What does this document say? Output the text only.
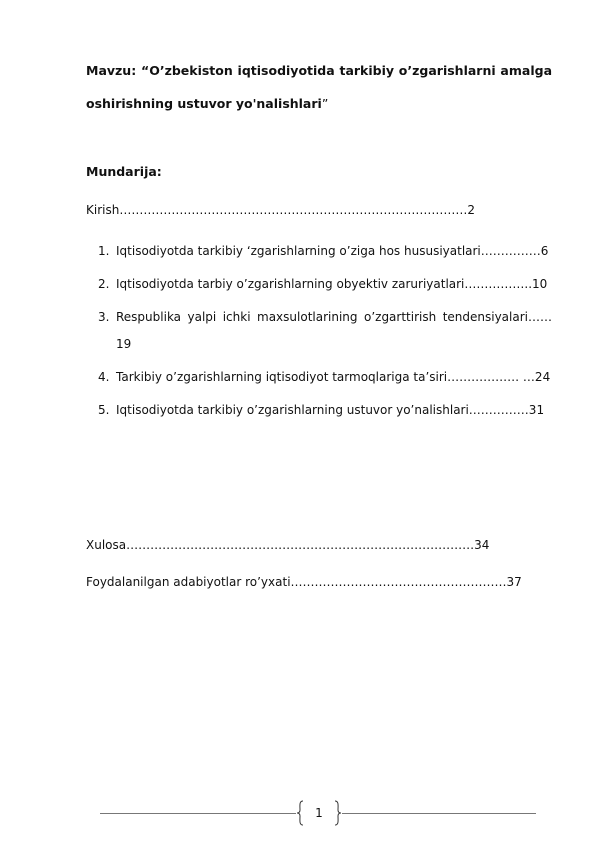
Mavzu: “O’zbekiston iqtisodiyotida tarkibiy o’zgarishlarni amalga oshirishning ustuvor yo'nalishlari”
Mundarija:
Kirish……………………………………………………………………………2
1. Iqtisodiyotda tarkibiy ‘zgarishlarning o’ziga hos hususiyatlari……………6
2. Iqtisodiyotda tarbiy o’zgarishlarning obyektiv zaruriyatlari……………..10
3. Respublika yalpi ichki maxsulotlarining o’zgarttirish tendensiyalari……19
4. Tarkibiy o’zgarishlarning iqtisodiyot tarmoqlariga ta’siri……………… …24
5. Iqtisodiyotda tarkibiy o’zgarishlarning ustuvor yo’nalishlari……………31
Xulosa……………………………………………………………………………34
Foydalanilgan adabiyotlar ro’yxati………………………………………………37
1
